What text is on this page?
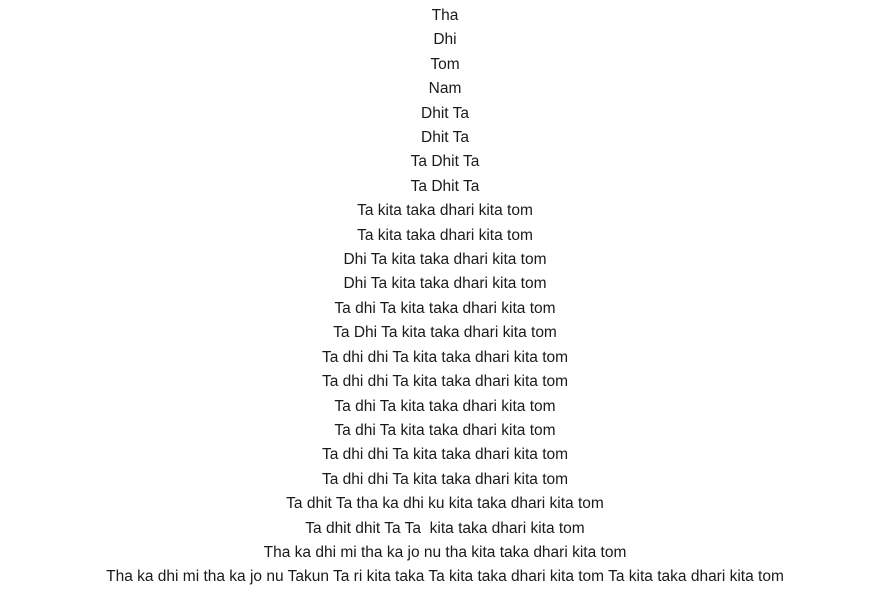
Tha
Dhi
Tom
Nam
Dhit Ta
Dhit Ta
Ta Dhit Ta
Ta Dhit Ta
Ta kita taka dhari kita tom
Ta kita taka dhari kita tom
Dhi Ta kita taka dhari kita tom
Dhi Ta kita taka dhari kita tom
Ta dhi Ta kita taka dhari kita tom
Ta Dhi Ta kita taka dhari kita tom
Ta dhi dhi Ta kita taka dhari kita tom
Ta dhi dhi Ta kita taka dhari kita tom
Ta dhi Ta kita taka dhari kita tom
Ta dhi Ta kita taka dhari kita tom
Ta dhi dhi Ta kita taka dhari kita tom
Ta dhi dhi Ta kita taka dhari kita tom
Ta dhit Ta tha ka dhi ku kita taka dhari kita tom
Ta dhit dhit Ta Ta  kita taka dhari kita tom
Tha ka dhi mi tha ka jo nu tha kita taka dhari kita tom
Tha ka dhi mi tha ka jo nu Takun Ta ri kita taka Ta kita taka dhari kita tom Ta kita taka dhari kita tom
